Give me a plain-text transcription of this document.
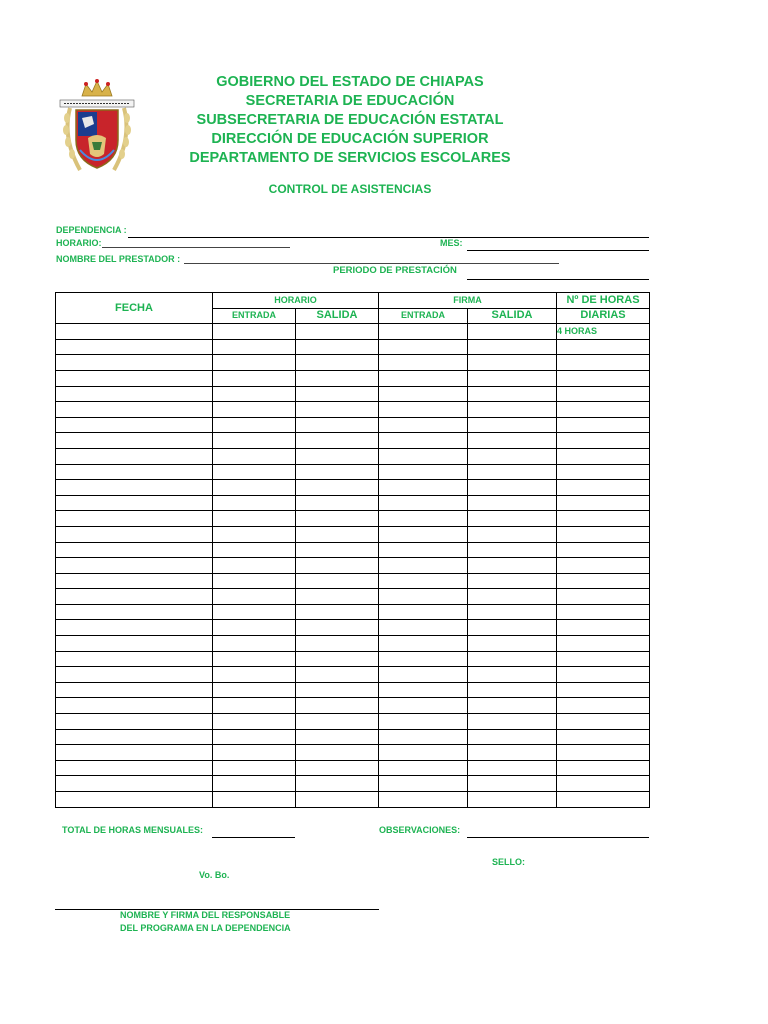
GOBIERNO DEL ESTADO DE CHIAPAS
SECRETARIA DE EDUCACIÓN
SUBSECRETARIA DE EDUCACIÓN ESTATAL
DIRECCIÓN DE EDUCACIÓN SUPERIOR
DEPARTAMENTO DE SERVICIOS ESCOLARES
CONTROL DE ASISTENCIAS
DEPENDENCIA :
HORARIO:	MES:
NOMBRE DEL PRESTADOR :
PERIODO DE PRESTACIÓN
FECHA	HORARIO		FIRMA		Nº DE HORAS
	ENTRADA	SALIDA	ENTRADA	SALIDA	DIARIAS
					4 HORAS

TOTAL DE HORAS MENSUALES:	OBSERVACIONES:
SELLO:
Vo. Bo.
NOMBRE Y FIRMA DEL RESPONSABLE
DEL PROGRAMA EN LA DEPENDENCIA
